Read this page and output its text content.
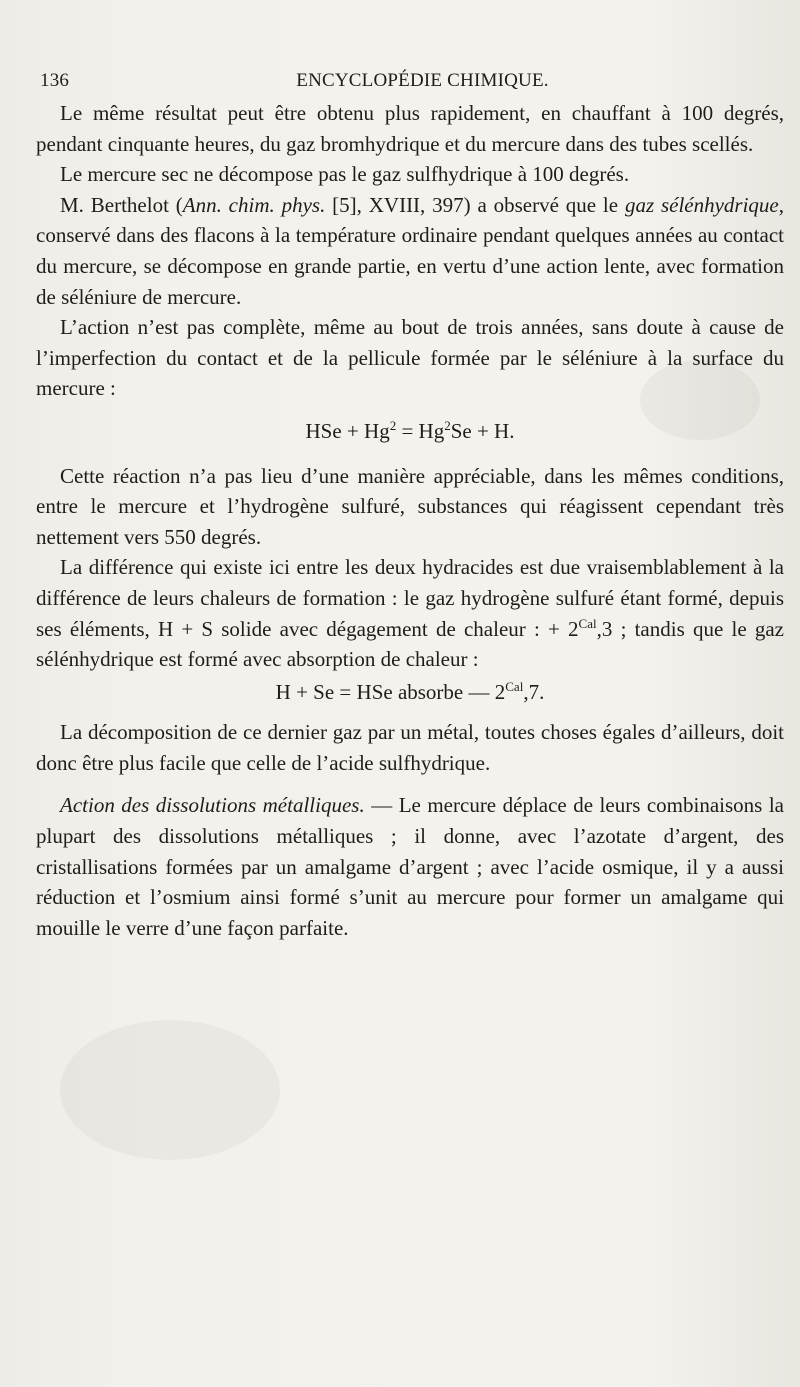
136	ENCYCLOPÉDIE CHIMIQUE.

Le même résultat peut être obtenu plus rapidement, en chauffant à 100 degrés, pendant cinquante heures, du gaz bromhydrique et du mercure dans des tubes scellés.

Le mercure sec ne décompose pas le gaz sulfhydrique à 100 degrés.

M. Berthelot (Ann. chim. phys. [5], XVIII, 397) a observé que le gaz sélénhydrique, conservé dans des flacons à la température ordinaire pendant quelques années au contact du mercure, se décompose en grande partie, en vertu d’une action lente, avec formation de séléniure de mercure.

L’action n’est pas complète, même au bout de trois années, sans doute à cause de l’imperfection du contact et de la pellicule formée par le séléniure à la surface du mercure :

HSe + $Hg^2 = Hg^2Se + H$.

Cette réaction n’a pas lieu d’une manière appréciable, dans les mêmes conditions, entre le mercure et l’hydrogène sulfuré, substances qui réagissent cependant très nettement vers 550 degrés.

La différence qui existe ici entre les deux hydracides est due vraisemblablement à la différence de leurs chaleurs de formation : le gaz hydrogène sulfuré étant formé, depuis ses éléments, H + S solide avec dégagement de chaleur : + $2^{Cal},3$ ; tandis que le gaz sélénhydrique est formé avec absorption de chaleur :

H + Se = HSe absorbe — $2^{Cal},7$.

La décomposition de ce dernier gaz par un métal, toutes choses égales d’ailleurs, doit donc être plus facile que celle de l’acide sulfhydrique.

Action des dissolutions métalliques. — Le mercure déplace de leurs combinaisons la plupart des dissolutions métalliques ; il donne, avec l’azotate d’argent, des cristallisations formées par un amalgame d’argent ; avec l’acide osmique, il y a aussi réduction et l’osmium ainsi formé s’unit au mercure pour former un amalgame qui mouille le verre d’une façon parfaite.
